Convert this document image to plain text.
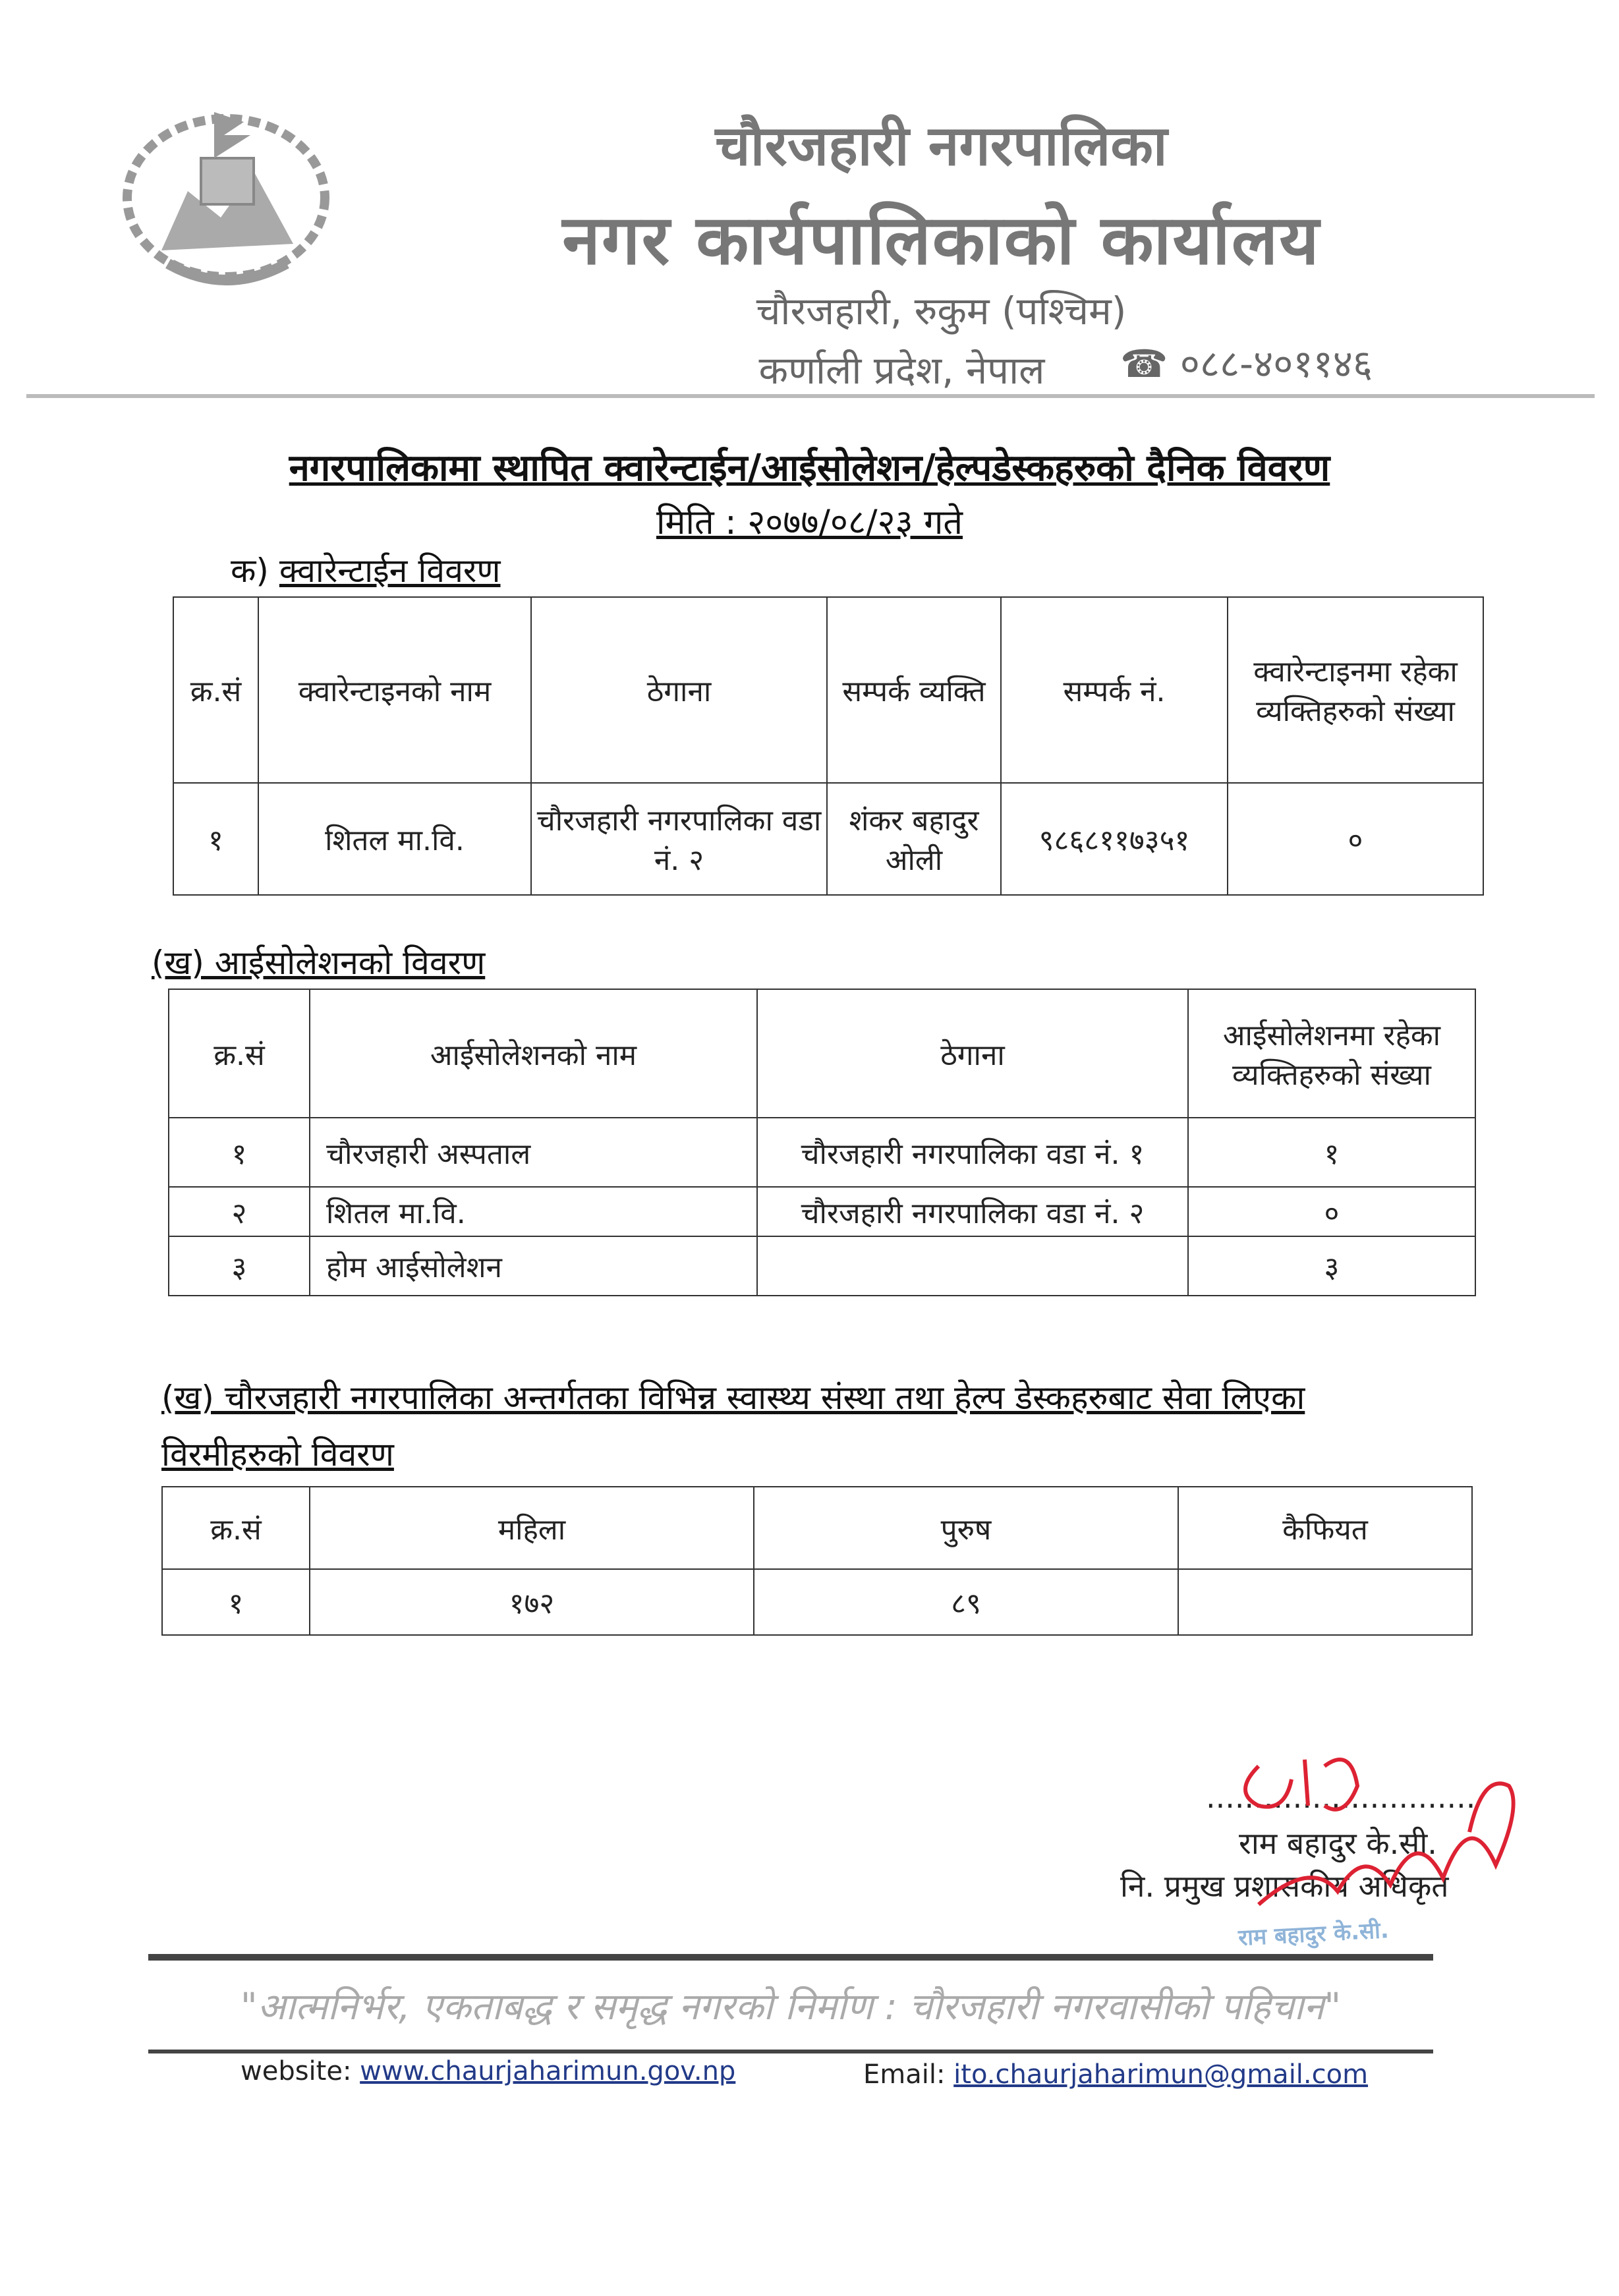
चौरजहारी नगरपालिका
नगर कार्यपालिकाको कार्यालय
चौरजहारी, रुकुम (पश्चिम)
कर्णाली प्रदेश, नेपाल	☎ ०८८-४०११४६
नगरपालिकामा स्थापित क्वारेन्टाईन/आईसोलेशन/हेल्पडेस्कहरुको दैनिक विवरण
मिति : २०७७/०८/२३ गते
क) क्वारेन्टाईन विवरण
क्र.सं	क्वारेन्टाइनको नाम	ठेगाना	सम्पर्क व्यक्ति	सम्पर्क नं.	क्वारेन्टाइनमा रहेका व्यक्तिहरुको संख्या
१	शितल मा.वि.	चौरजहारी नगरपालिका वडा नं. २	शंकर बहादुर ओली	९८६८११७३५१	०
(ख) आईसोलेशनको विवरण
क्र.सं	आईसोलेशनको नाम	ठेगाना	आईसोलेशनमा रहेका व्यक्तिहरुको संख्या
१	चौरजहारी अस्पताल	चौरजहारी नगरपालिका वडा नं. १	१
२	शितल मा.वि.	चौरजहारी नगरपालिका वडा नं. २	०
३	होम आईसोलेशन		३
(ख) चौरजहारी नगरपालिका अन्तर्गतका विभिन्न स्वास्थ्य संस्था तथा हेल्प डेस्कहरुबाट सेवा लिएका
विरमीहरुको विवरण
क्र.सं	महिला	पुरुष	कैफियत
१	१७२	८९	
............................
राम बहादुर के.सी.
नि. प्रमुख प्रशासकीय अधिकृत
राम बहादुर के.सी.
"आत्मनिर्भर, एकताबद्ध र समृद्ध नगरको निर्माण : चौरजहारी नगरवासीको पहिचान"
website: www.chaurjaharimun.gov.np	Email: ito.chaurjaharimun@gmail.com
